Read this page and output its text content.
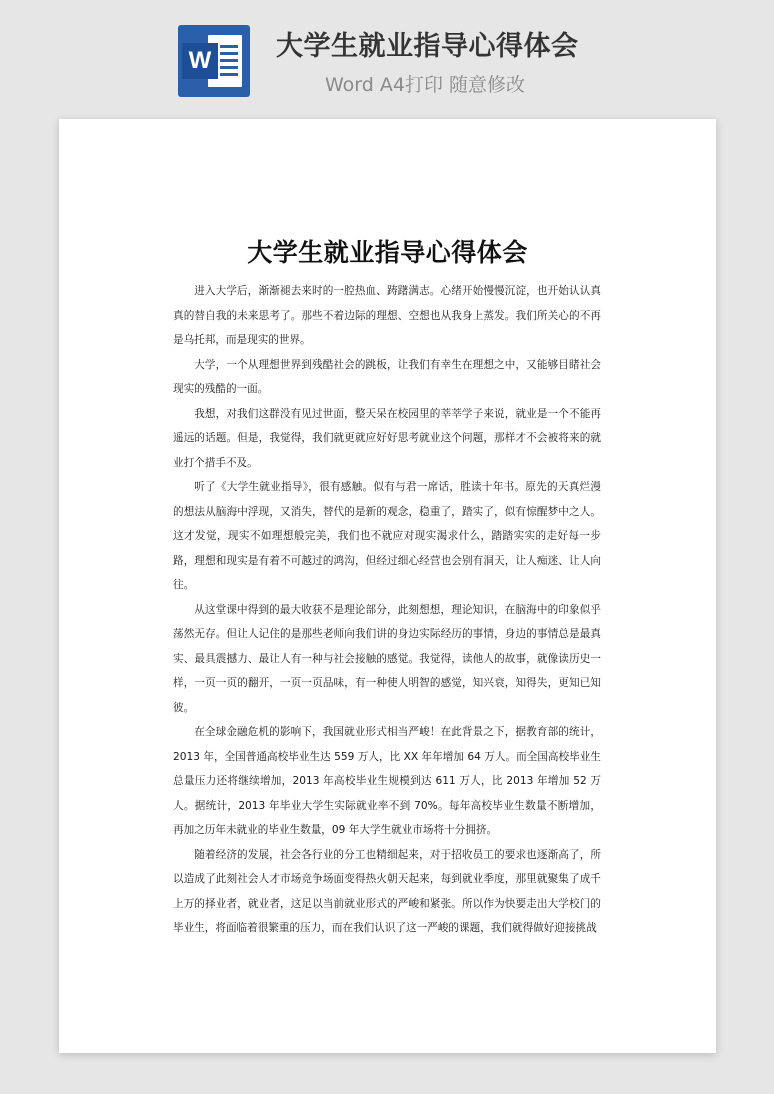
W 大学生就业指导心得体会
Word A4打印 随意修改
大学生就业指导心得体会

进入大学后，渐渐褪去来时的一腔热血、踌躇满志。心绪开始慢慢沉淀，也开始认认真真的替自我的未来思考了。那些不着边际的理想、空想也从我身上蒸发。我们所关心的不再是乌托邦，而是现实的世界。

大学，一个从理想世界到残酷社会的跳板，让我们有幸生在理想之中，又能够目睹社会现实的残酷的一面。

我想，对我们这群没有见过世面，整天呆在校园里的莘莘学子来说，就业是一个不能再遥远的话题。但是，我觉得，我们就更就应好好思考就业这个问题，那样才不会被将来的就业打个措手不及。

听了《大学生就业指导》，很有感触。似有与君一席话，胜读十年书。原先的天真烂漫的想法从脑海中浮现，又消失，替代的是新的观念，稳重了，踏实了，似有惊醒梦中之人。这才发觉，现实不如理想般完美，我们也不就应对现实渴求什么，踏踏实实的走好每一步路，理想和现实是有着不可越过的鸿沟，但经过细心经营也会别有洞天，让人痴迷、让人向往。

从这堂课中得到的最大收获不是理论部分，此刻想想，理论知识，在脑海中的印象似乎荡然无存。但让人记住的是那些老师向我们讲的身边实际经历的事情，身边的事情总是最真实、最具震撼力、最让人有一种与社会接触的感觉。我觉得，读他人的故事，就像读历史一样，一页一页的翻开，一页一页品味，有一种使人明智的感觉，知兴衰，知得失，更知已知彼。

在全球金融危机的影响下，我国就业形式相当严峻！在此背景之下，据教育部的统计，2013 年，全国普通高校毕业生达 559 万人，比 XX 年年增加 64 万人。而全国高校毕业生总量压力还将继续增加，2013 年高校毕业生规模到达 611 万人，比 2013 年增加 52 万人。据统计，2013 年毕业大学生实际就业率不到 70%。每年高校毕业生数量不断增加，再加之历年未就业的毕业生数量，09 年大学生就业市场将十分拥挤。

随着经济的发展，社会各行业的分工也精细起来，对于招收员工的要求也逐渐高了，所以造成了此刻社会人才市场竞争场面变得热火朝天起来，每到就业季度，那里就聚集了成千上万的择业者，就业者，这足以当前就业形式的严峻和紧张。所以作为快要走出大学校门的毕业生，将面临着很繁重的压力，而在我们认识了这一严峻的课题，我们就得做好迎接挑战
